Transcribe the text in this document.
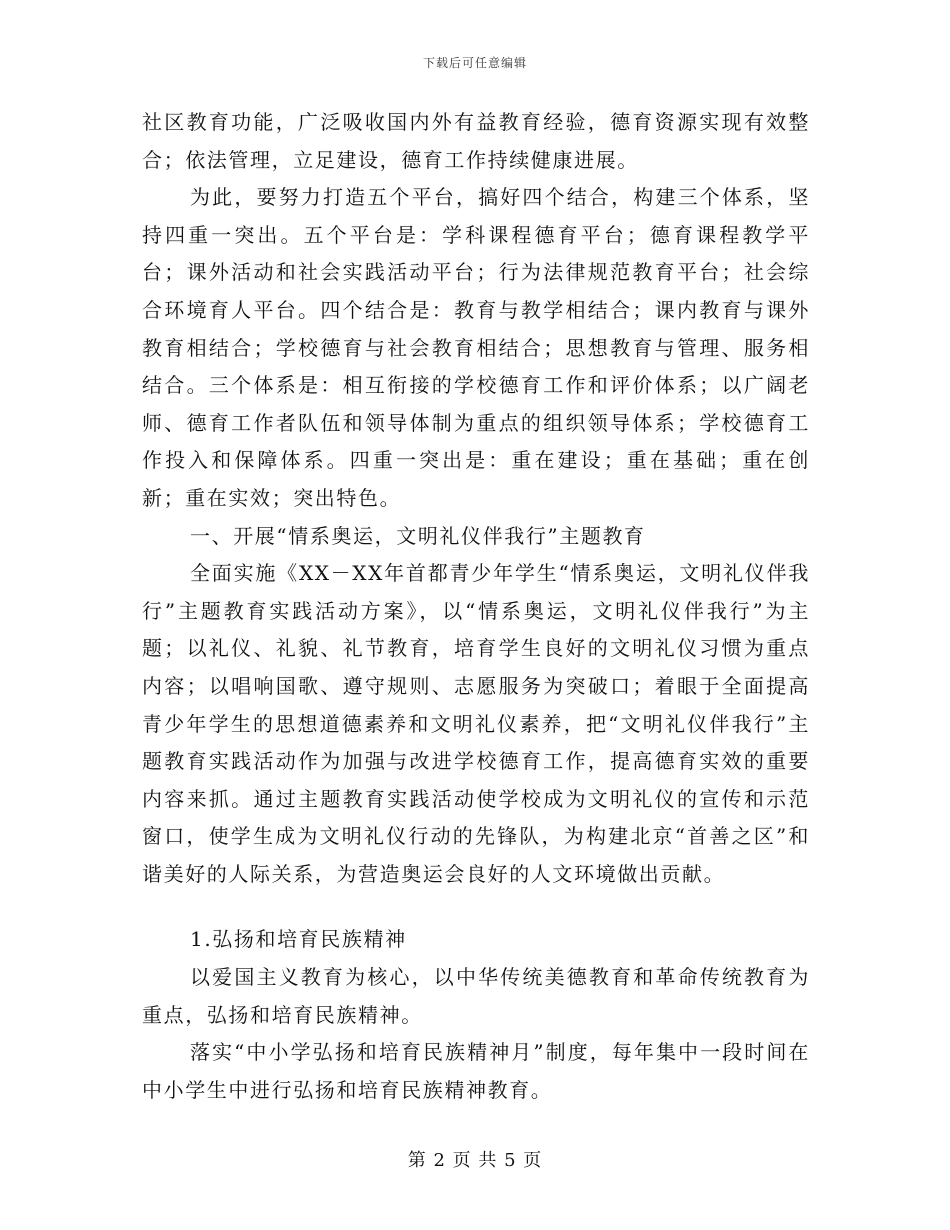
下载后可任意编辑

社区教育功能，广泛吸收国内外有益教育经验，德育资源实现有效整合；依法管理，立足建设，德育工作持续健康进展。

为此，要努力打造五个平台，搞好四个结合，构建三个体系，坚持四重一突出。五个平台是：学科课程德育平台；德育课程教学平台；课外活动和社会实践活动平台；行为法律规范教育平台；社会综合环境育人平台。四个结合是：教育与教学相结合；课内教育与课外教育相结合；学校德育与社会教育相结合；思想教育与管理、服务相结合。三个体系是：相互衔接的学校德育工作和评价体系；以广阔老师、德育工作者队伍和领导体制为重点的组织领导体系；学校德育工作投入和保障体系。四重一突出是：重在建设；重在基础；重在创新；重在实效；突出特色。

一、开展“情系奥运，文明礼仪伴我行”主题教育

全面实施《XX－XX年首都青少年学生“情系奥运，文明礼仪伴我行”主题教育实践活动方案》，以“情系奥运，文明礼仪伴我行”为主题；以礼仪、礼貌、礼节教育，培育学生良好的文明礼仪习惯为重点内容；以唱响国歌、遵守规则、志愿服务为突破口；着眼于全面提高青少年学生的思想道德素养和文明礼仪素养，把“文明礼仪伴我行”主题教育实践活动作为加强与改进学校德育工作，提高德育实效的重要内容来抓。通过主题教育实践活动使学校成为文明礼仪的宣传和示范窗口，使学生成为文明礼仪行动的先锋队，为构建北京“首善之区”和谐美好的人际关系，为营造奥运会良好的人文环境做出贡献。

1.弘扬和培育民族精神

以爱国主义教育为核心，以中华传统美德教育和革命传统教育为重点，弘扬和培育民族精神。

落实“中小学弘扬和培育民族精神月”制度，每年集中一段时间在中小学生中进行弘扬和培育民族精神教育。

第 2 页 共 5 页
